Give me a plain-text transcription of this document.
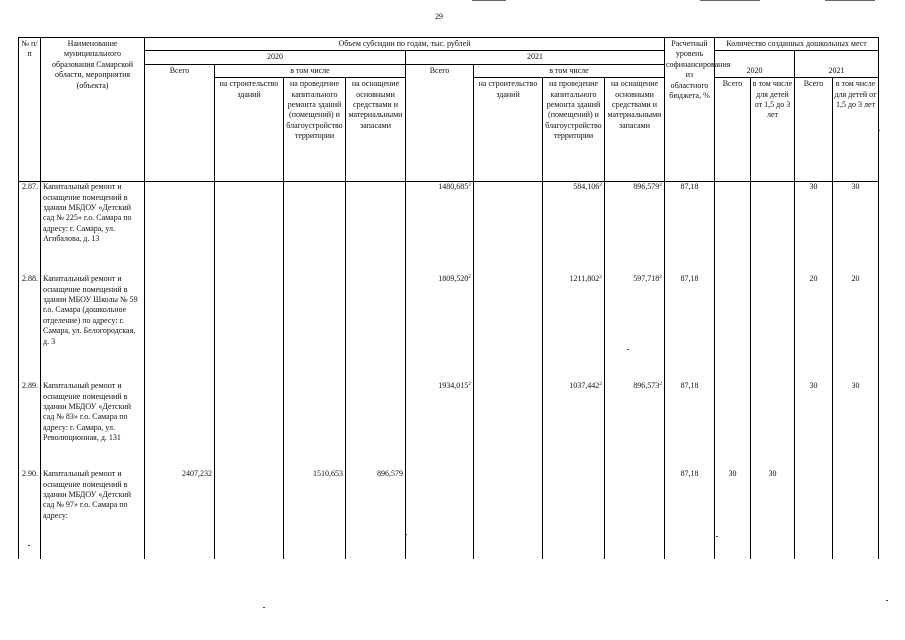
29
№ п/п	Наименование муниципального образования Самарской области, мероприятия (объекта)	Объем субсидии по годам, тыс. рублей								Расчетный уровень софинансирования из областного бюджета, %	Количество созданных дошкольных мест			
		2020				2021					2020		2021	
		Всего	в том числе			Всего	в том числе							
			на строительство зданий	на проведение капитального ремонта зданий (помещений) и благоустройство территории	на оснащение основными средствами и материальными запасами		на строительство зданий	на проведение капитального ремонта зданий (помещений) и благоустройство территории	на оснащение основными средствами и материальными запасами		Всего	в том числе для детей от 1,5 до 3 лет	Всего	в том числе для детей от 1,5 до 3 лет
2.87.	Капитальный ремонт и оснащение помещений в здании МБДОУ «Детский сад № 225» г.о. Самара по адресу: г. Самара, ул. Агибалова, д. 13					1480,685$^2$		584,106$^2$	896,579$^2$	87,18			30	30
2.88.	Капитальный ремонт и оснащение помещений в здании МБОУ Школы № 59 г.о. Самара (дошкольное отделение) по адресу: г. Самара, ул. Белогородская, д. 3					1809,520$^2$		1211,802$^2$	597,718$^2$	87,18			20	20
2.89.	Капитальный ремонт и оснащение помещений в здании МБДОУ «Детский сад № 83» г.о. Самара по адресу: г. Самара, ул. Революционная, д. 131					1934,015$^2$		1037,442$^2$	896,573$^2$	87,18			30	30
2.90.	Капитальный ремонт и оснащение помещений в здании МБДОУ «Детский сад № 97» г.о. Самара по адресу:	2407,232		1510,653	896,579					87,18	30	30		
